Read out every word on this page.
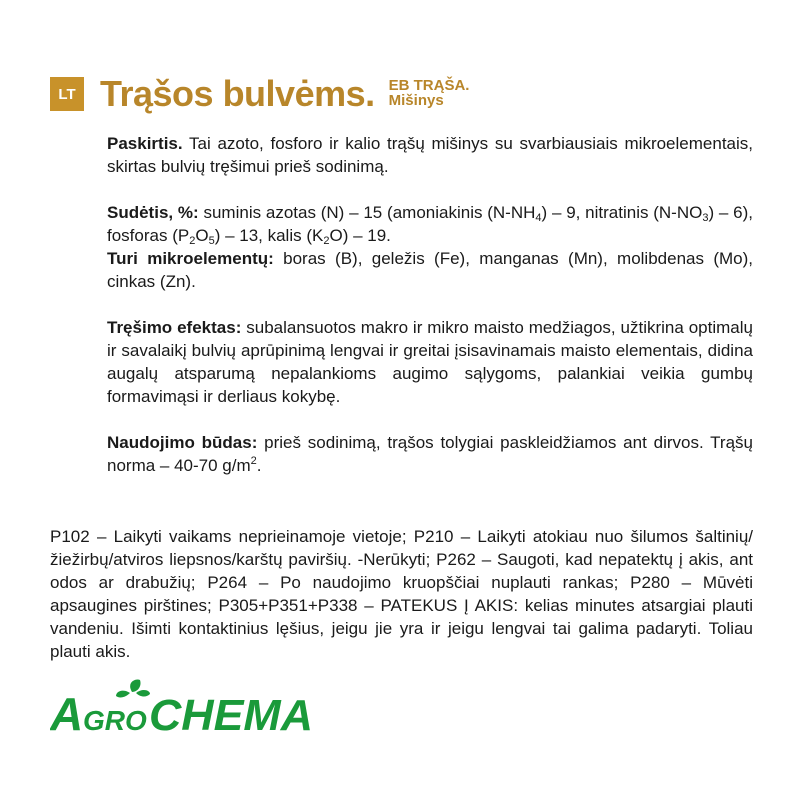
LT Trąšos bulvėms. EB TRĄŠA.
Mišinys

Paskirtis. Tai azoto, fosforo ir kalio trąšų mišinys su svarbiausiais mikroelementais, skirtas bulvių tręšimui prieš sodinimą.

Sudėtis, %: suminis azotas (N) – 15 (amoniakinis $(N-NH_4) - 9$, nitratinis $(N-NO_3) - 6$), fosforas $(P_2O_5) - 13$, kalis $(K_2O) - 19$.

Turi mikroelementų: boras (B), geležis (Fe), manganas (Mn), molibdenas (Mo), cinkas (Zn).

Tręšimo efektas: subalansuotos makro ir mikro maisto medžiagos, užtikrina optimalų ir savalaikį bulvių aprūpinimą lengvai ir greitai įsisavinamais maisto elementais, didina augalų atsparumą nepalankioms augimo sąlygoms, palankiai veikia gumbų formavimąsi ir derliaus kokybę.

Naudojimo būdas: prieš sodinimą, trąšos tolygiai paskleidžiamos ant dirvos. Trąšų norma – 40-70 $g/m^2$.

P102 – Laikyti vaikams neprieinamoje vietoje; P210 – Laikyti atokiau nuo šilumos šaltinių/žiežirbų/atviros liepsnos/karštų paviršių. -Nerūkyti; P262 – Saugoti, kad nepatektų į akis, ant odos ar drabužių; P264 – Po naudojimo kruopščiai nuplauti rankas; P280 – Mūvėti apsaugines pirštines; P305+P351+P338 – PATEKUS Į AKIS: kelias minutes atsargiai plauti vandeniu. Išimti kontaktinius lęšius, jeigu jie yra ir jeigu lengvai tai galima padaryti. Toliau plauti akis.
A GRO CHEMA
